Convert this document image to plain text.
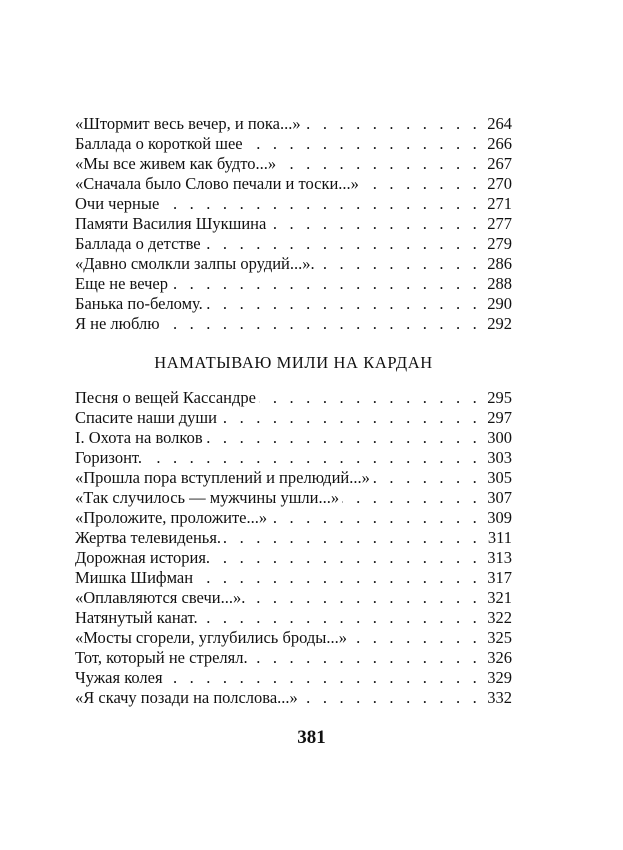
«Штормит весь вечер, и пока...» . . .	264
Баллада о короткой шее . . .	266
«Мы все живем как будто...» . . .	267
«Сначала было Слово печали и тоски...» . . .	270
Очи черные . . .	271
Памяти Василия Шукшина . . .	277
Баллада о детстве . . .	279
«Давно смолкли залпы орудий...». . . .	286
Еще не вечер . . .	288
Банька по-белому. . . .	290
Я не люблю . . .	292
НАМАТЫВАЮ МИЛИ НА КАРДАН
Песня о вещей Кассандре . . .	295
Спасите наши души . . .	297
I. Охота на волков . . .	300
Горизонт. . . .	303
«Прошла пора вступлений и прелюдий...» . . .	305
«Так случилось — мужчины ушли...» . . .	307
«Проложите, проложите...» . . .	309
Жертва телевиденья. . . .	311
Дорожная история. . . .	313
Мишка Шифман . . .	317
«Оплавляются свечи...». . . .	321
Натянутый канат. . . .	322
«Мосты сгорели, углубились броды...» . . .	325
Тот, который не стрелял. . . .	326
Чужая колея . . .	329
«Я скачу позади на полслова...» . . .	332
381
